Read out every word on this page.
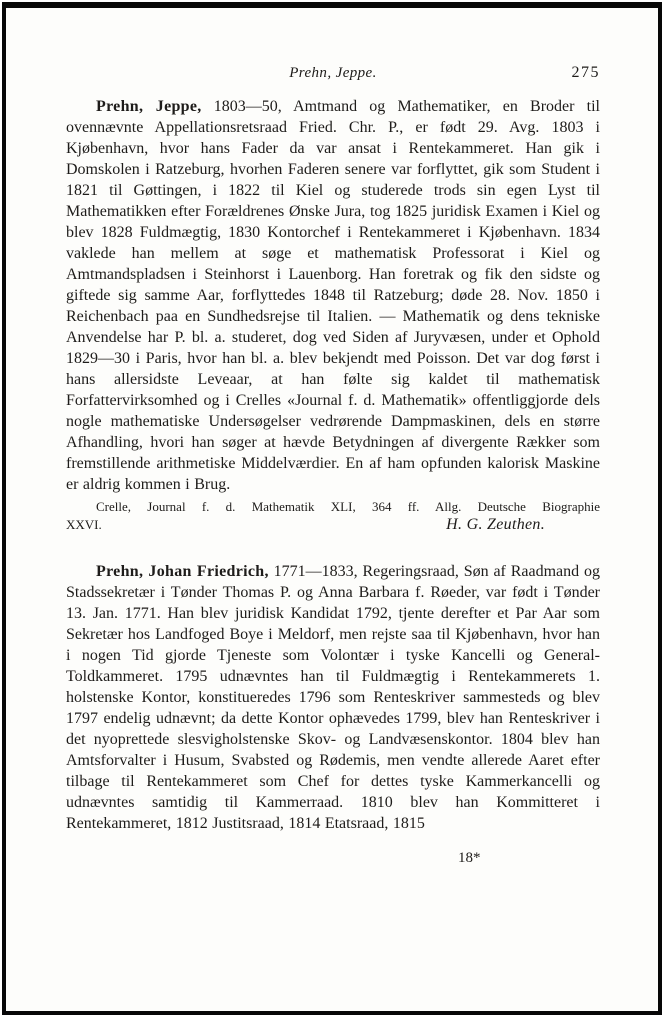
Prehn, Jeppe.	275

Prehn, Jeppe, 1803—50, Amtmand og Mathematiker, en Broder til ovennævnte Appellationsretsraad Fried. Chr. P., er født 29. Avg. 1803 i Kjøbenhavn, hvor hans Fader da var ansat i Rentekammeret. Han gik i Domskolen i Ratzeburg, hvorhen Faderen senere var forflyttet, gik som Student i 1821 til Gøttingen, i 1822 til Kiel og studerede trods sin egen Lyst til Mathematikken efter Forældrenes Ønske Jura, tog 1825 juridisk Examen i Kiel og blev 1828 Fuldmægtig, 1830 Kontorchef i Rentekammeret i Kjøbenhavn. 1834 vaklede han mellem at søge et mathematisk Professorat i Kiel og Amtmandspladsen i Steinhorst i Lauenborg. Han foretrak og fik den sidste og giftede sig samme Aar, forflyttedes 1848 til Ratzeburg; døde 28. Nov. 1850 i Reichenbach paa en Sundhedsrejse til Italien. — Mathematik og dens tekniske Anvendelse har P. bl. a. studeret, dog ved Siden af Juryvæsen, under et Ophold 1829—30 i Paris, hvor han bl. a. blev bekjendt med Poisson. Det var dog først i hans allersidste Leveaar, at han følte sig kaldet til mathematisk Forfattervirksomhed og i Crelles «Journal f. d. Mathematik» offentliggjorde dels nogle mathematiske Undersøgelser vedrørende Dampmaskinen, dels en større Afhandling, hvori han søger at hævde Betydningen af divergente Rækker som fremstillende arithmetiske Middelværdier. En af ham opfunden kalorisk Maskine er aldrig kommen i Brug.

Crelle, Journal f. d. Mathematik XLI, 364 ff. Allg. Deutsche Biographie
XXVI.	H. G. Zeuthen.

Prehn, Johan Friedrich, 1771—1833, Regeringsraad, Søn af Raadmand og Stadssekretær i Tønder Thomas P. og Anna Barbara f. Røeder, var født i Tønder 13. Jan. 1771. Han blev juridisk Kandidat 1792, tjente derefter et Par Aar som Sekretær hos Landfoged Boye i Meldorf, men rejste saa til Kjøbenhavn, hvor han i nogen Tid gjorde Tjeneste som Volontær i tyske Kancelli og General-Toldkammeret. 1795 udnævntes han til Fuldmægtig i Rentekammerets 1. holstenske Kontor, konstitueredes 1796 som Renteskriver sammesteds og blev 1797 endelig udnævnt; da dette Kontor ophævedes 1799, blev han Renteskriver i det nyoprettede slesvigholstenske Skov- og Landvæsenskontor. 1804 blev han Amtsforvalter i Husum, Svabsted og Rødemis, men vendte allerede Aaret efter tilbage til Rentekammeret som Chef for dettes tyske Kammerkancelli og udnævntes samtidig til Kammerraad. 1810 blev han Kommitteret i Rentekammeret, 1812 Justitsraad, 1814 Etatsraad, 1815

18*
